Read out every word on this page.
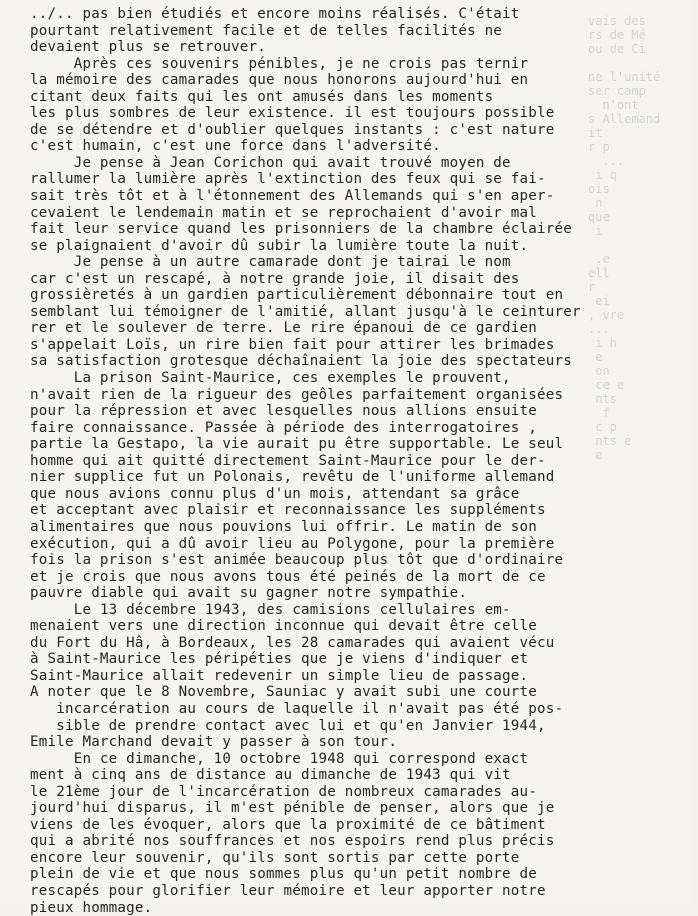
vais des
rs de Mé
ou de Ci

ne l'unité
ser camp
n'ont
s Allemand
it
r p
...
i q
ois
n
que
i

.e
ell
r
ei
, vre
...
i h
e
on
ce e
nts
f
c p
nts e
e

../.. pas bien étudiés et encore moins réalisés. C'était
pourtant relativement facile et de telles facilités ne
devaient plus se retrouver.
Après ces souvenirs pénibles, je ne crois pas ternir
la mémoire des camarades que nous honorons aujourd'hui en
citant deux faits qui les ont amusés dans les moments
les plus sombres de leur existence. il est toujours possible
de se détendre et d'oublier quelques instants : c'est nature
c'est humain, c'est une force dans l'adversité.
Je pense à Jean Corichon qui avait trouvé moyen de
rallumer la lumière après l'extinction des feux qui se fai-
sait très tôt et à l'étonnement des Allemands qui s'en aper-
cevaient le lendemain matin et se reprochaient d'avoir mal
fait leur service quand les prisonniers de la chambre éclairée
se plaignaient d'avoir dû subir la lumière toute la nuit.
Je pense à un autre camarade dont je tairai le nom
car c'est un rescapé, à notre grande joie, il disait des
grossièretés à un gardien particulièrement débonnaire tout en
semblant lui témoigner de l'amitié, allant jusqu'à le ceinturer
rer et le soulever de terre. Le rire épanoui de ce gardien
s'appelait Loïs, un rire bien fait pour attirer les brimades
sa satisfaction grotesque déchaînaient la joie des spectateurs
La prison Saint-Maurice, ces exemples le prouvent,
n'avait rien de la rigueur des geôles parfaitement organisées
pour la répression et avec lesquelles nous allions ensuite
faire connaissance. Passée à période des interrogatoires ,
partie la Gestapo, la vie aurait pu être supportable. Le seul
homme qui ait quitté directement Saint-Maurice pour le der-
nier supplice fut un Polonais, revêtu de l'uniforme allemand
que nous avions connu plus d'un mois, attendant sa grâce
et acceptant avec plaisir et reconnaissance les suppléments
alimentaires que nous pouvions lui offrir. Le matin de son
exécution, qui a dû avoir lieu au Polygone, pour la première
fois la prison s'est animée beaucoup plus tôt que d'ordinaire
et je crois que nous avons tous été peinés de la mort de ce
pauvre diable qui avait su gagner notre sympathie.
Le 13 décembre 1943, des camisions cellulaires em-
menaient vers une direction inconnue qui devait être celle
du Fort du Hâ, à Bordeaux, les 28 camarades qui avaient vécu
à Saint-Maurice les péripéties que je viens d'indiquer et
Saint-Maurice allait redevenir un simple lieu de passage.
A noter que le 8 Novembre, Sauniac y avait subi une courte
incarcération au cours de laquelle il n'avait pas été pos-
sible de prendre contact avec lui et qu'en Janvier 1944,
Emile Marchand devait y passer à son tour.
En ce dimanche, 10 octobre 1948 qui correspond exact
ment à cinq ans de distance au dimanche de 1943 qui vit
le 21ème jour de l'incarcération de nombreux camarades au-
jourd'hui disparus, il m'est pénible de penser, alors que je
viens de les évoquer, alors que la proximité de ce bâtiment
qui a abrité nos souffrances et nos espoirs rend plus précis
encore leur souvenir, qu'ils sont sortis par cette porte
plein de vie et que nous sommes plus qu'un petit nombre de
rescapés pour glorifier leur mémoire et leur apporter notre
pieux hommage.
